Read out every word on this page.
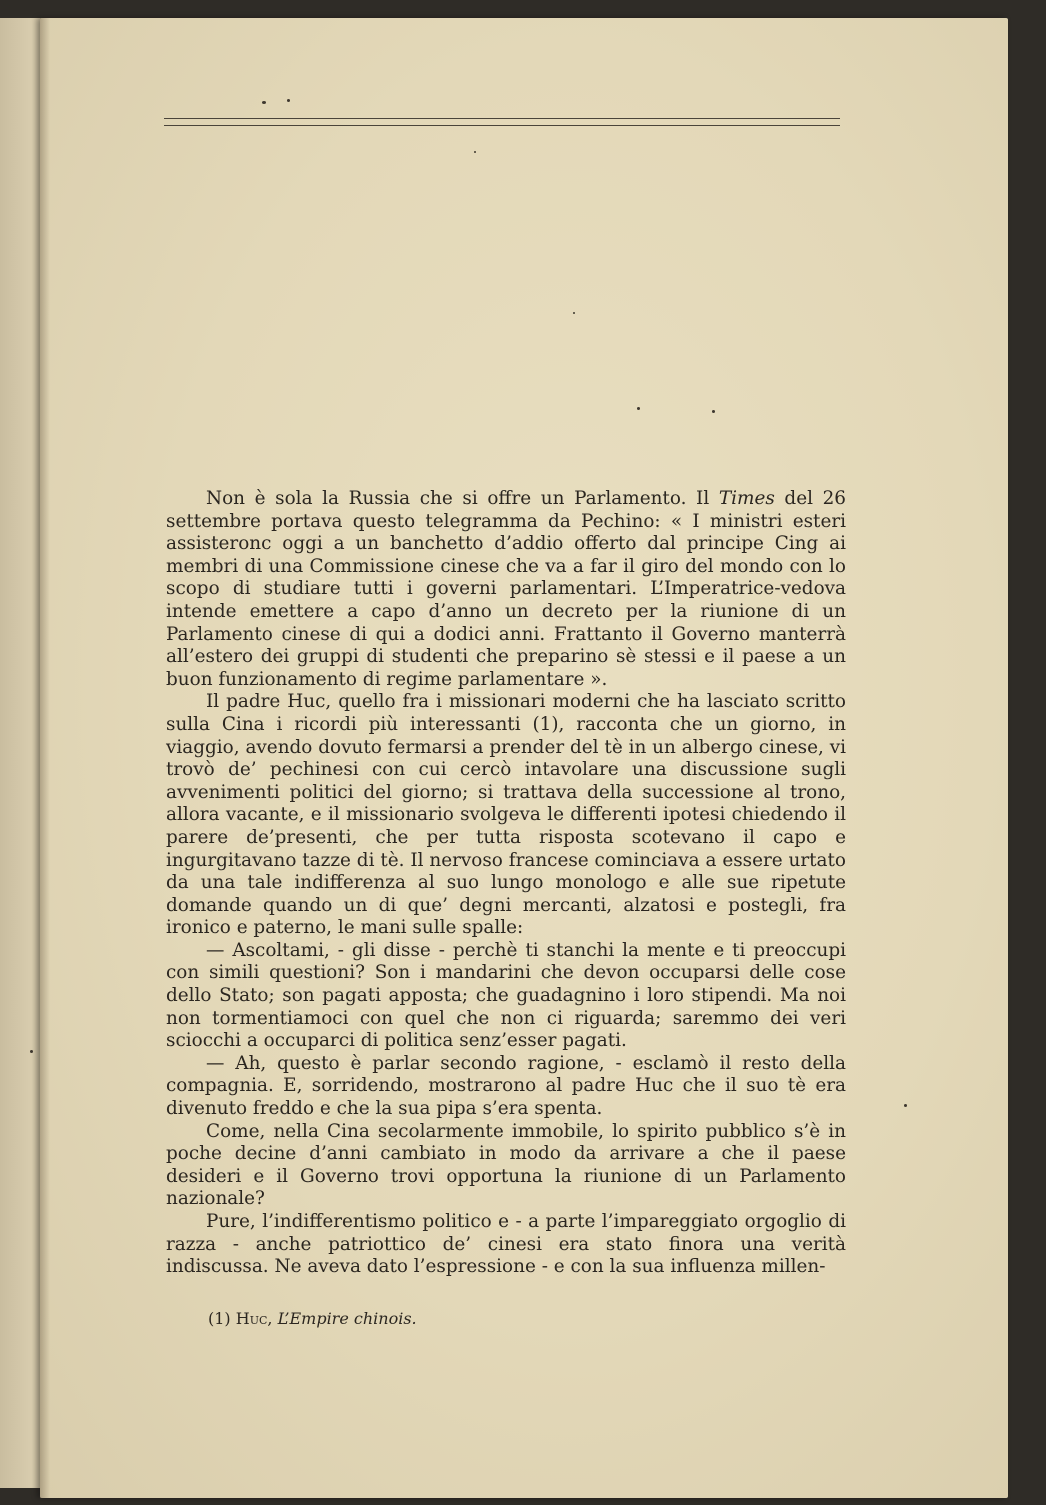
Non è sola la Russia che si offre un Parlamento. Il Times del 26 settembre portava questo telegramma da Pechino: « I ministri esteri assisteronc oggi a un banchetto d’addio offerto dal principe Cing ai membri di una Commissione cinese che va a far il giro del mondo con lo scopo di studiare tutti i governi parlamentari. L’Imperatrice-vedova intende emettere a capo d’anno un decreto per la riunione di un Parlamento cinese di qui a dodici anni. Frattanto il Governo manterrà all’estero dei gruppi di studenti che preparino sè stessi e il paese a un buon funzionamento di regime parlamentare ».

Il padre Huc, quello fra i missionari moderni che ha lasciato scritto sulla Cina i ricordi più interessanti (1), racconta che un giorno, in viaggio, avendo dovuto fermarsi a prender del tè in un albergo cinese, vi trovò de’ pechinesi con cui cercò intavolare una discussione sugli avvenimenti politici del giorno; si trattava della successione al trono, allora vacante, e il missionario svolgeva le differenti ipotesi chiedendo il parere de’presenti, che per tutta risposta scotevano il capo e ingurgitavano tazze di tè. Il nervoso francese cominciava a essere urtato da una tale indifferenza al suo lungo monologo e alle sue ripetute domande quando un di que’ degni mercanti, alzatosi e postegli, fra ironico e paterno, le mani sulle spalle:

— Ascoltami, - gli disse - perchè ti stanchi la mente e ti preoccupi con simili questioni? Son i mandarini che devon occuparsi delle cose dello Stato; son pagati apposta; che guadagnino i loro stipendi. Ma noi non tormentiamoci con quel che non ci riguarda; saremmo dei veri sciocchi a occuparci di politica senz’esser pagati.

— Ah, questo è parlar secondo ragione, - esclamò il resto della compagnia. E, sorridendo, mostrarono al padre Huc che il suo tè era divenuto freddo e che la sua pipa s’era spenta.

Come, nella Cina secolarmente immobile, lo spirito pubblico s’è in poche decine d’anni cambiato in modo da arrivare a che il paese desideri e il Governo trovi opportuna la riunione di un Parlamento nazionale?

Pure, l’indifferentismo politico e - a parte l’impareggiato orgoglio di razza - anche patriottico de’ cinesi era stato finora una verità indiscussa. Ne aveva dato l’espressione - e con la sua influenza millen-

(1) Huc, L’Empire chinois.
